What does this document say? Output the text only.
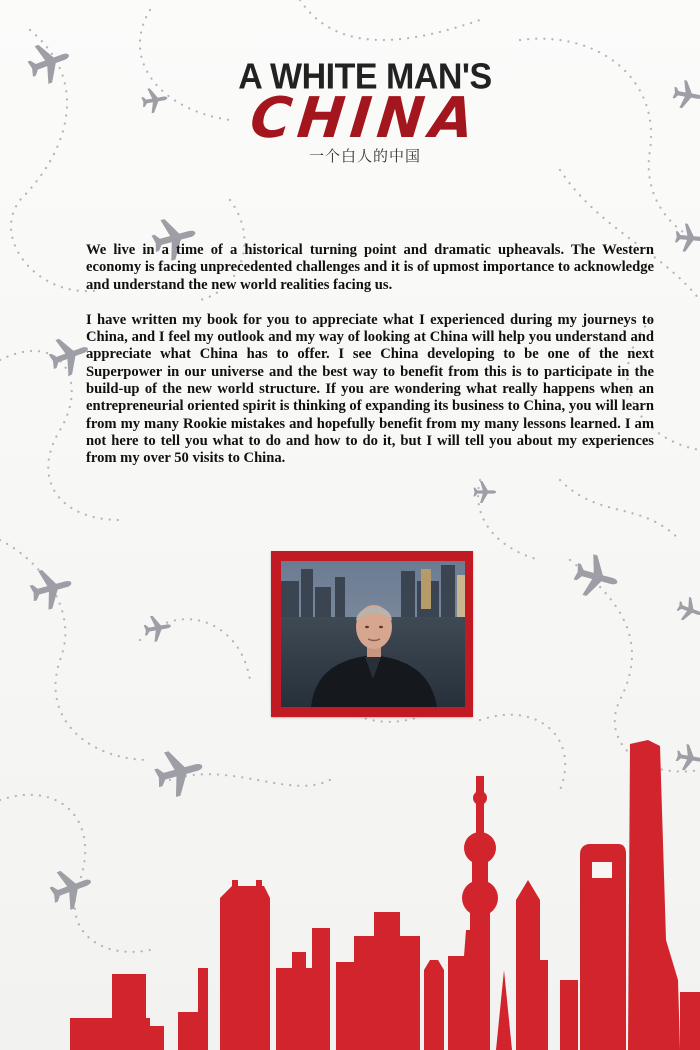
A WHITE MAN'S
CHINA
一个白人的中国

We live in a time of a historical turning point and dramatic upheavals. The Western economy is facing unprecedented challenges and it is of upmost importance to acknowledge and understand the new world realities facing us.

I have written my book for you to appreciate what I experienced during my journeys to China, and I feel my outlook and my way of looking at China will help you understand and appreciate what China has to offer. I see China developing to be one of the next Superpower in our universe and the best way to benefit from this is to participate in the build-up of the new world structure. If you are wondering what really happens when an entrepreneurial oriented spirit is thinking of expanding its business to China, you will learn from my many Rookie mistakes and hopefully benefit from my many lessons learned. I am not here to tell you what to do and how to do it, but I will tell you about my experiences from my over 50 visits to China.
